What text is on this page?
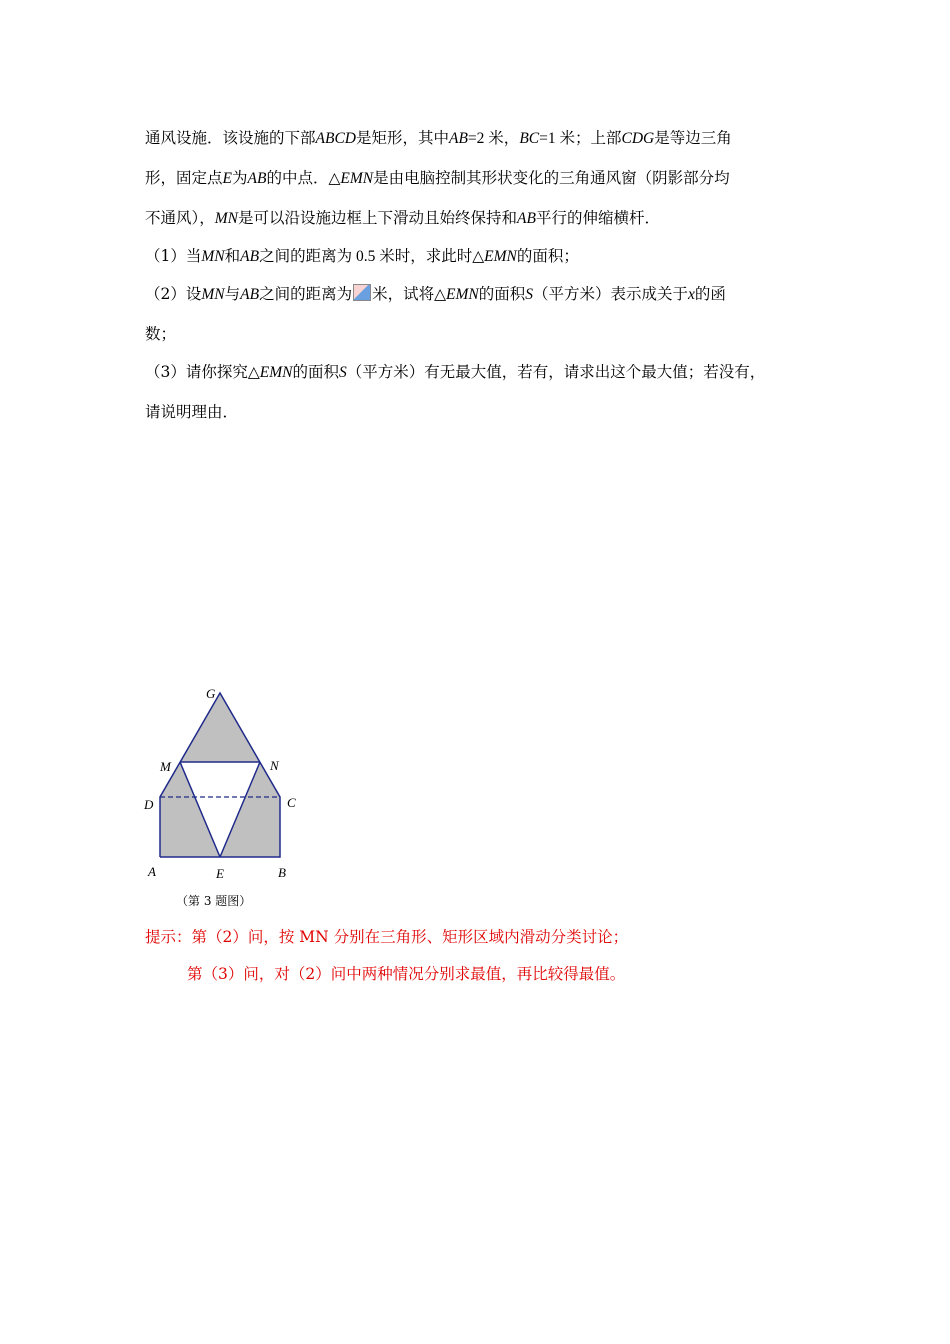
通风设施．该设施的下部ABCD是矩形，其中AB=2 米，BC=1 米；上部CDG是等边三角
形，固定点E为AB的中点．△EMN是由电脑控制其形状变化的三角通风窗（阴影部分均
不通风），MN是可以沿设施边框上下滑动且始终保持和AB平行的伸缩横杆．
（1）当MN和AB之间的距离为 0.5 米时，求此时△EMN的面积；
（2）设MN与AB之间的距离为 米，试将△EMN的面积S（平方米）表示成关于x的函
数；
（3）请你探究△EMN的面积S（平方米）有无最大值，若有，请求出这个最大值；若没有，
请说明理由．
G
M	N
D	C
A	E	B
（第 3 题图）
提示：第（2）问，按 MN 分别在三角形、矩形区域内滑动分类讨论；
第（3）问，对（2）问中两种情况分别求最值，再比较得最值。
